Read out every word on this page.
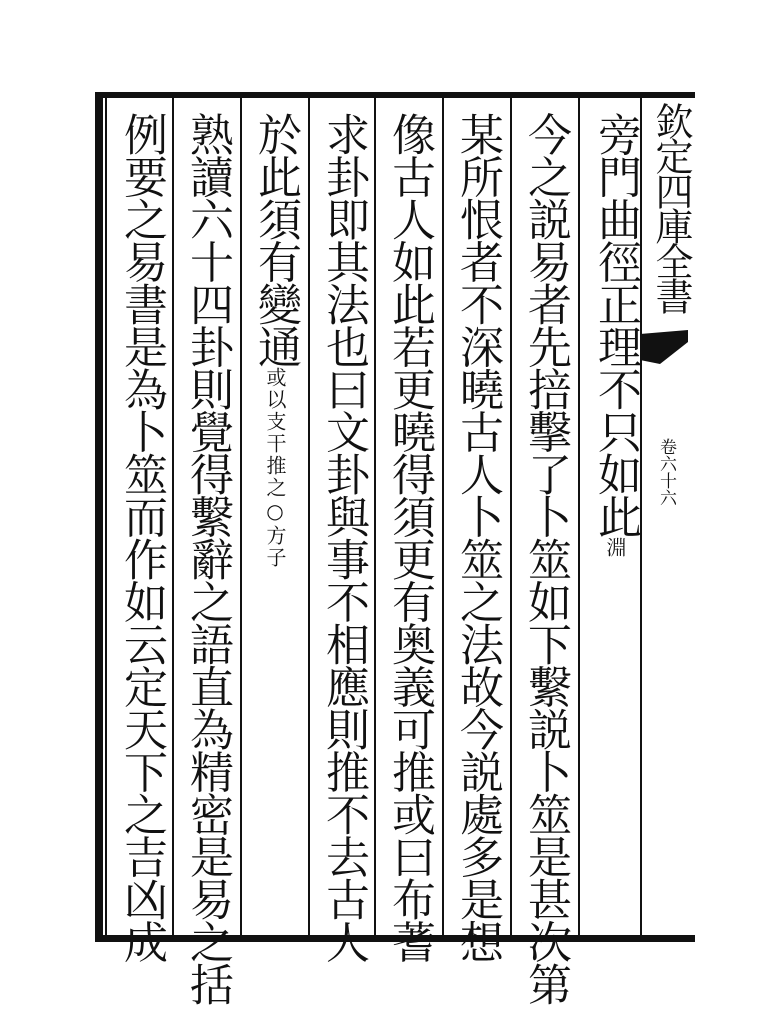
欽定四庫全書
卷六十六
旁門曲徑正理不只如此淵
今之説易者先掊擊了卜筮如下繫説卜筮是甚次第
某所恨者不深曉古人卜筮之法故今説處多是想
像古人如此若更曉得須更有奥義可推或曰布蓍
求卦即其法也曰文卦與事不相應則推不去古人
於此須有變通或以支干推之○方子
熟讀六十四卦則覺得繫辭之語直為精密是易之括
例要之易書是為卜筮而作如云定天下之吉凶成
